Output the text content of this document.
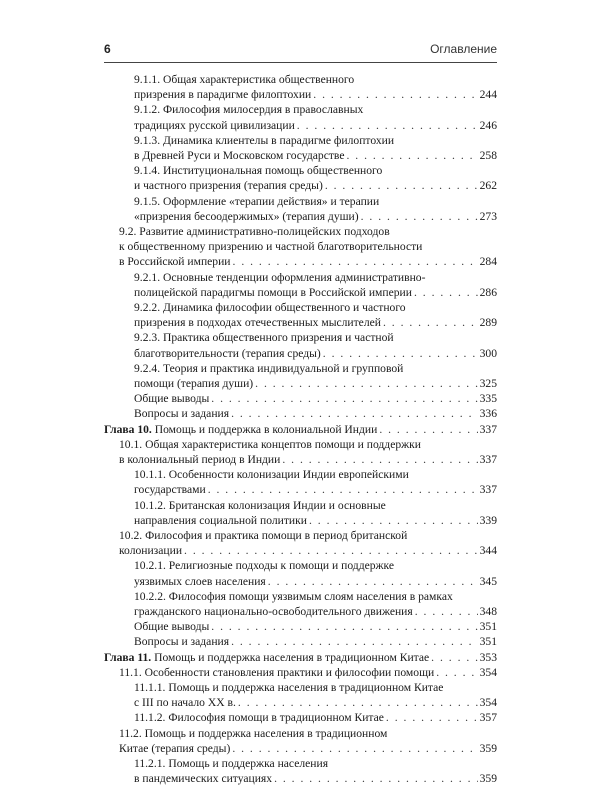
6	Оглавление
9.1.1. Общая характеристика общественного
призрения в парадигме филоптохии . . .	244
9.1.2. Философия милосердия в православных
традициях русской цивилизации . . .	246
9.1.3. Динамика клиентелы в парадигме филоптохии
в Древней Руси и Московском государстве . . .	258
9.1.4. Институциональная помощь общественного
и частного призрения (терапия среды) . . .	262
9.1.5. Оформление «терапии действия» и терапии
«призрения бесоодержимых» (терапия души) . . .	273
9.2. Развитие административно-полицейских подходов
к общественному призрению и частной благотворительности
в Российской империи . . .	284
9.2.1. Основные тенденции оформления административно-
полицейской парадигмы помощи в Российской империи . . .	286
9.2.2. Динамика философии общественного и частного
призрения в подходах отечественных мыслителей . . .	289
9.2.3. Практика общественного призрения и частной
благотворительности (терапия среды) . . .	300
9.2.4. Теория и практика индивидуальной и групповой
помощи (терапия души) . . .	325
Общие выводы . . .	335
Вопросы и задания . . .	336
Глава 10. Помощь и поддержка в колониальной Индии . . .	337
10.1. Общая характеристика концептов помощи и поддержки
в колониальный период в Индии . . .	337
10.1.1. Особенности колонизации Индии европейскими
государствами . . .	337
10.1.2. Британская колонизация Индии и основные
направления социальной политики . . .	339
10.2. Философия и практика помощи в период британской
колонизации . . .	344
10.2.1. Религиозные подходы к помощи и поддержке
уязвимых слоев населения . . .	345
10.2.2. Философия помощи уязвимым слоям населения в рамках
гражданского национально-освободительного движения . . .	348
Общие выводы . . .	351
Вопросы и задания . . .	351
Глава 11. Помощь и поддержка населения в традиционном Китае . . .	353
11.1. Особенности становления практики и философии помощи . . .	354
11.1.1. Помощь и поддержка населения в традиционном Китае
с III по начало XX в. . . .	354
11.1.2. Философия помощи в традиционном Китае . . .	357
11.2. Помощь и поддержка населения в традиционном
Китае (терапия среды) . . .	359
11.2.1. Помощь и поддержка населения
в пандемических ситуациях . . .	359
